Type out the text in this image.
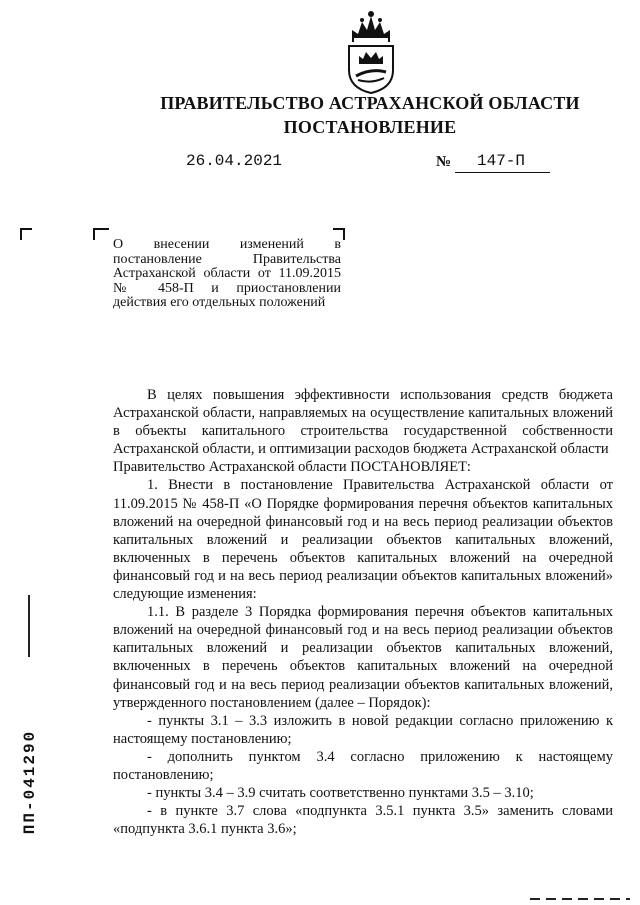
ПРАВИТЕЛЬСТВО АСТРАХАНСКОЙ ОБЛАСТИ
ПОСТАНОВЛЕНИЕ
26.04.2021	№ 147-П
О внесении изменений в постановление Правительства Астраханской области от 11.09.2015 № 458-П и приостановлении действия его отдельных положений

В целях повышения эффективности использования средств бюджета Астраханской области, направляемых на осуществление капитальных вложений в объекты капитального строительства государственной собственности Астраханской области, и оптимизации расходов бюджета Астраханской области

Правительство Астраханской области ПОСТАНОВЛЯЕТ:

1. Внести в постановление Правительства Астраханской области от 11.09.2015 № 458-П «О Порядке формирования перечня объектов капитальных вложений на очередной финансовый год и на весь период реализации объектов капитальных вложений и реализации объектов капитальных вложений, включенных в перечень объектов капитальных вложений на очередной финансовый год и на весь период реализации объектов капитальных вложений» следующие изменения:

1.1. В разделе 3 Порядка формирования перечня объектов капитальных вложений на очередной финансовый год и на весь период реализации объектов капитальных вложений и реализации объектов капитальных вложений, включенных в перечень объектов капитальных вложений на очередной финансовый год и на весь период реализации объектов капитальных вложений, утвержденного постановлением (далее – Порядок):

- пункты 3.1 – 3.3 изложить в новой редакции согласно приложению к настоящему постановлению;

- дополнить пунктом 3.4 согласно приложению к настоящему постановлению;

- пункты 3.4 – 3.9 считать соответственно пунктами 3.5 – 3.10;

- в пункте 3.7 слова «подпункта 3.5.1 пункта 3.5» заменить словами «подпункта 3.6.1 пункта 3.6»;

ПП-041290
